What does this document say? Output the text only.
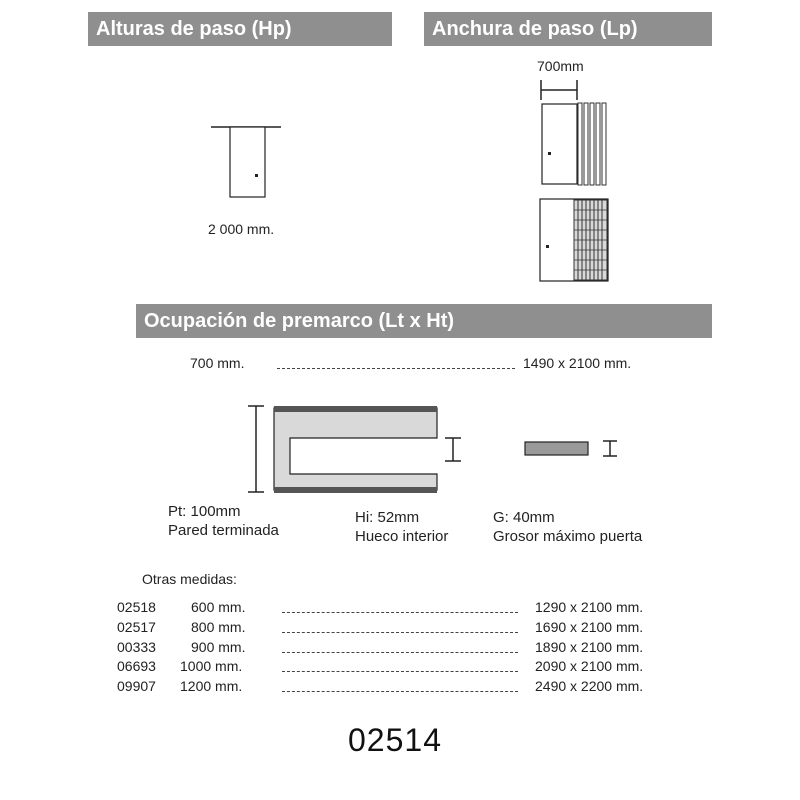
Alturas de paso (Hp)	Anchura de paso (Lp)
Ocupación de premarco (Lt x Ht)
2 000 mm.
700mm
700 mm.	1490 x 2100 mm.
Pt: 100mm
Pared terminada
Hi: 52mm
Hueco interior
G: 40mm
Grosor máximo puerta
Otras medidas:
02518	600 mm.	1290 x 2100 mm.
02517	800 mm.	1690 x 2100 mm.
00333	900 mm.	1890 x 2100 mm.
06693 1000 mm.	2090 x 2100 mm.
09907 1200 mm.	2490 x 2200 mm.
02514
